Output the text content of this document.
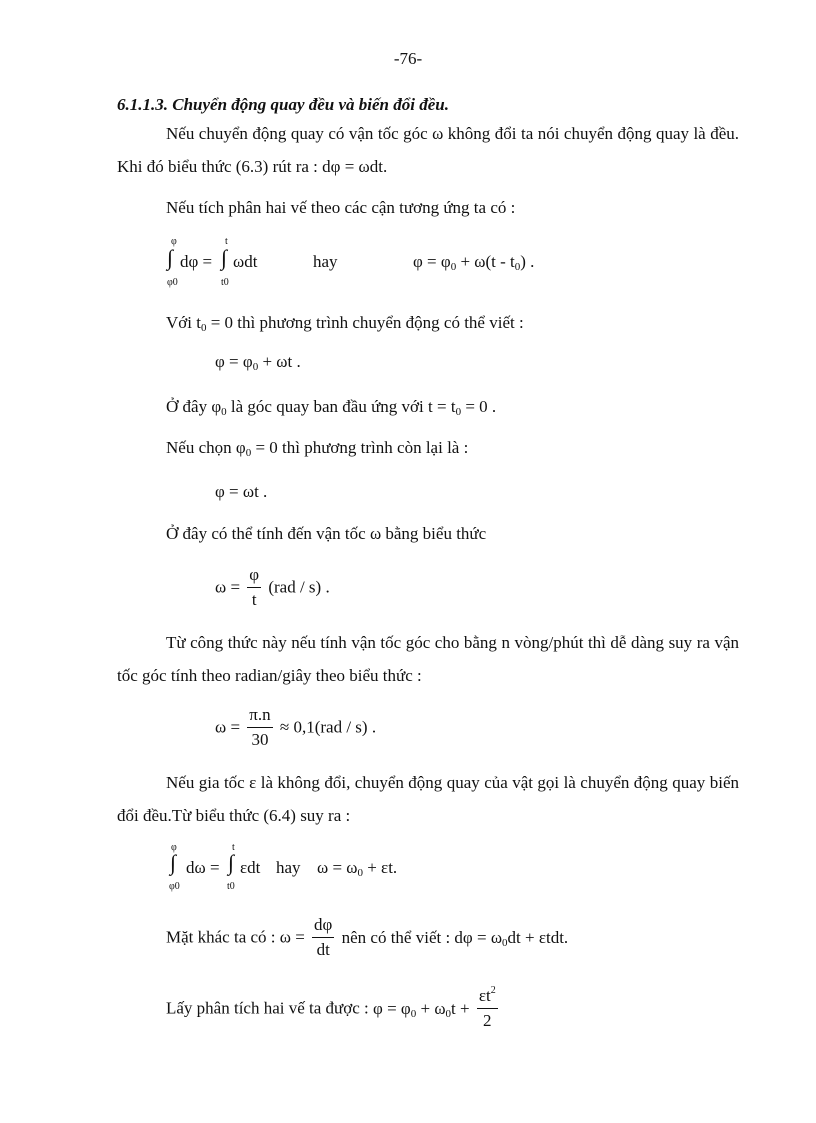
-76-
6.1.1.3. Chuyển động quay đều và biến đổi đều.
Nếu chuyển động quay có vận tốc góc ω không đổi ta nói chuyển động quay là đều. Khi đó biểu thức (6.3) rút ra : dφ = ωdt.
Nếu tích phân hai vế theo các cận tương ứng ta có :
φ
∫
φ0
dφ =
t
∫
t0
ωdt	hay	$\varphi = \varphi_0 + \omega(t - t_0)$ .
Với $t_0 = 0$ thì phương trình chuyển động có thể viết :
$\varphi = \varphi_0 + \omega t$ .
Ở đây $\varphi_0$ là góc quay ban đầu ứng với $t = t_0 = 0$ .
Nếu chọn $\varphi_0 = 0$ thì phương trình còn lại là :
φ = ωt .
Ở đây có thể tính đến vận tốc ω bằng biểu thức
$\omega = \frac{\varphi}{t} (rad / s)$ .
Từ công thức này nếu tính vận tốc góc cho bằng n vòng/phút thì dễ dàng suy ra vận tốc góc tính theo radian/giây theo biểu thức :
$\omega = \frac{\pi.n}{30} \approx 0,1(rad / s)$ .
Nếu gia tốc ε là không đổi, chuyển động quay của vật gọi là chuyển động quay biến đổi đều.Từ biểu thức (6.4) suy ra :
φ
∫
φ0
dω =
t
∫
t0
εdt hay $\omega = \omega_0 + \varepsilon t$.
Mặt khác ta có : $\omega = \frac{d\varphi}{dt}$ nên có thể viết : $d\varphi = \omega_0dt + \varepsilon tdt$.
Lấy phân tích hai vế ta được : $\varphi = \varphi_0 + \omega_0t + \frac{\varepsilon t^2}{2}$
